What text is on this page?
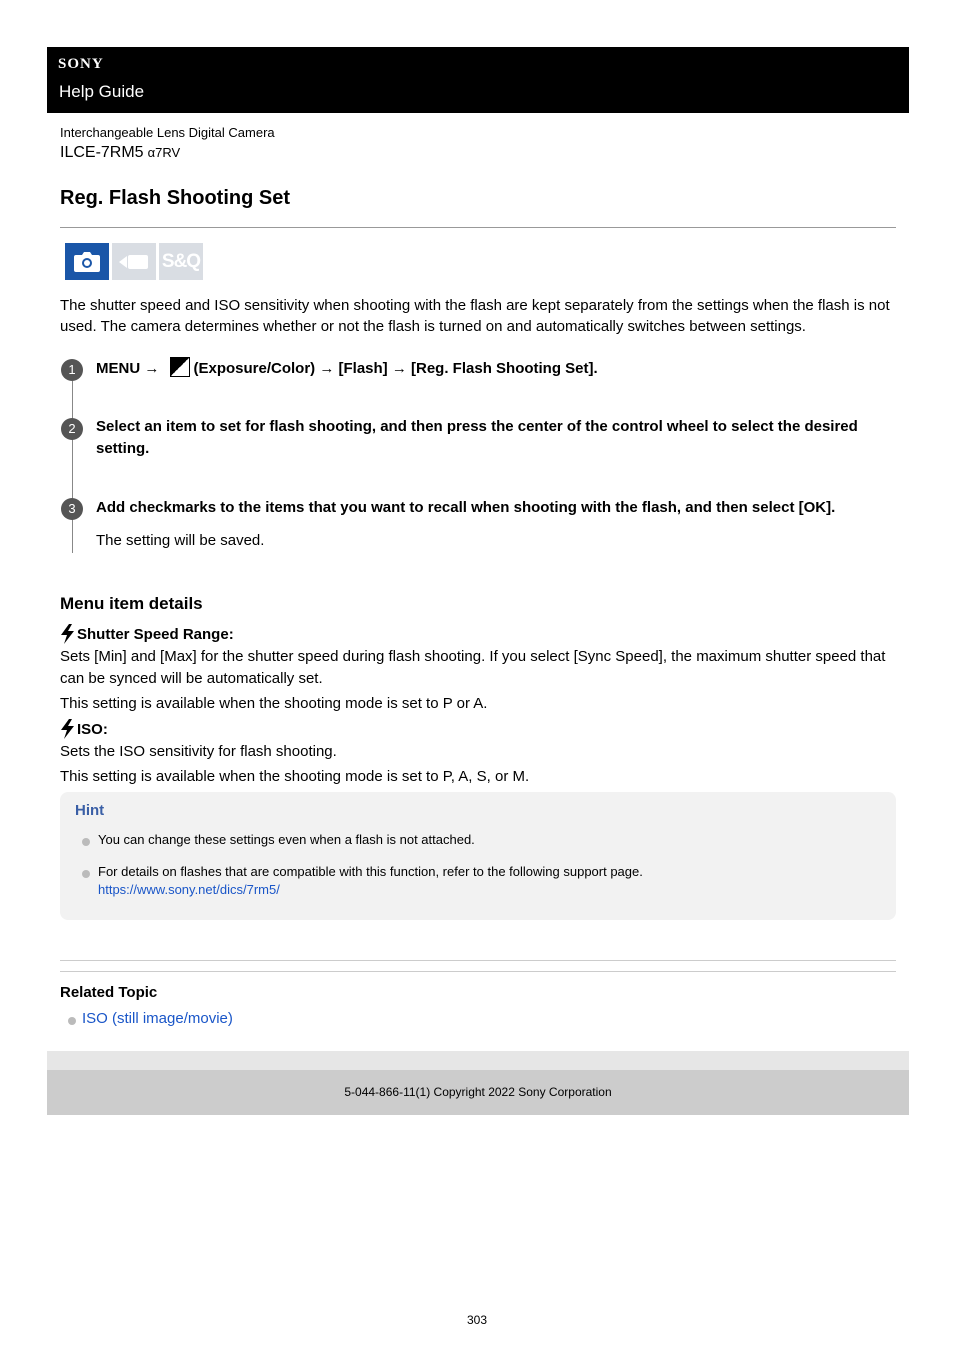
SONY
Help Guide
Interchangeable Lens Digital Camera
ILCE-7RM5 α7RV
Reg. Flash Shooting Set
S&Q

The shutter speed and ISO sensitivity when shooting with the flash are kept separately from the settings when the flash is not used. The camera determines whether or not the flash is turned on and automatically switches between settings.

1	MENU → (Exposure/Color) → [Flash] → [Reg. Flash Shooting Set].

2	Select an item to set for flash shooting, and then press the center of the control wheel to select the desired setting.

3	Add checkmarks to the items that you want to recall when shooting with the flash, and then select [OK].

The setting will be saved.
Menu item details
Shutter Speed Range:

Sets [Min] and [Max] for the shutter speed during flash shooting. If you select [Sync Speed], the maximum shutter speed that can be synced will be automatically set.

This setting is available when the shooting mode is set to P or A.

ISO:

Sets the ISO sensitivity for flash shooting.

This setting is available when the shooting mode is set to P, A, S, or M.

Hint
You can change these settings even when a flash is not attached.
For details on flashes that are compatible with this function, refer to the following support page.
https://www.sony.net/dics/7rm5/
Related Topic
ISO (still image/movie)
5-044-866-11(1) Copyright 2022 Sony Corporation
303
